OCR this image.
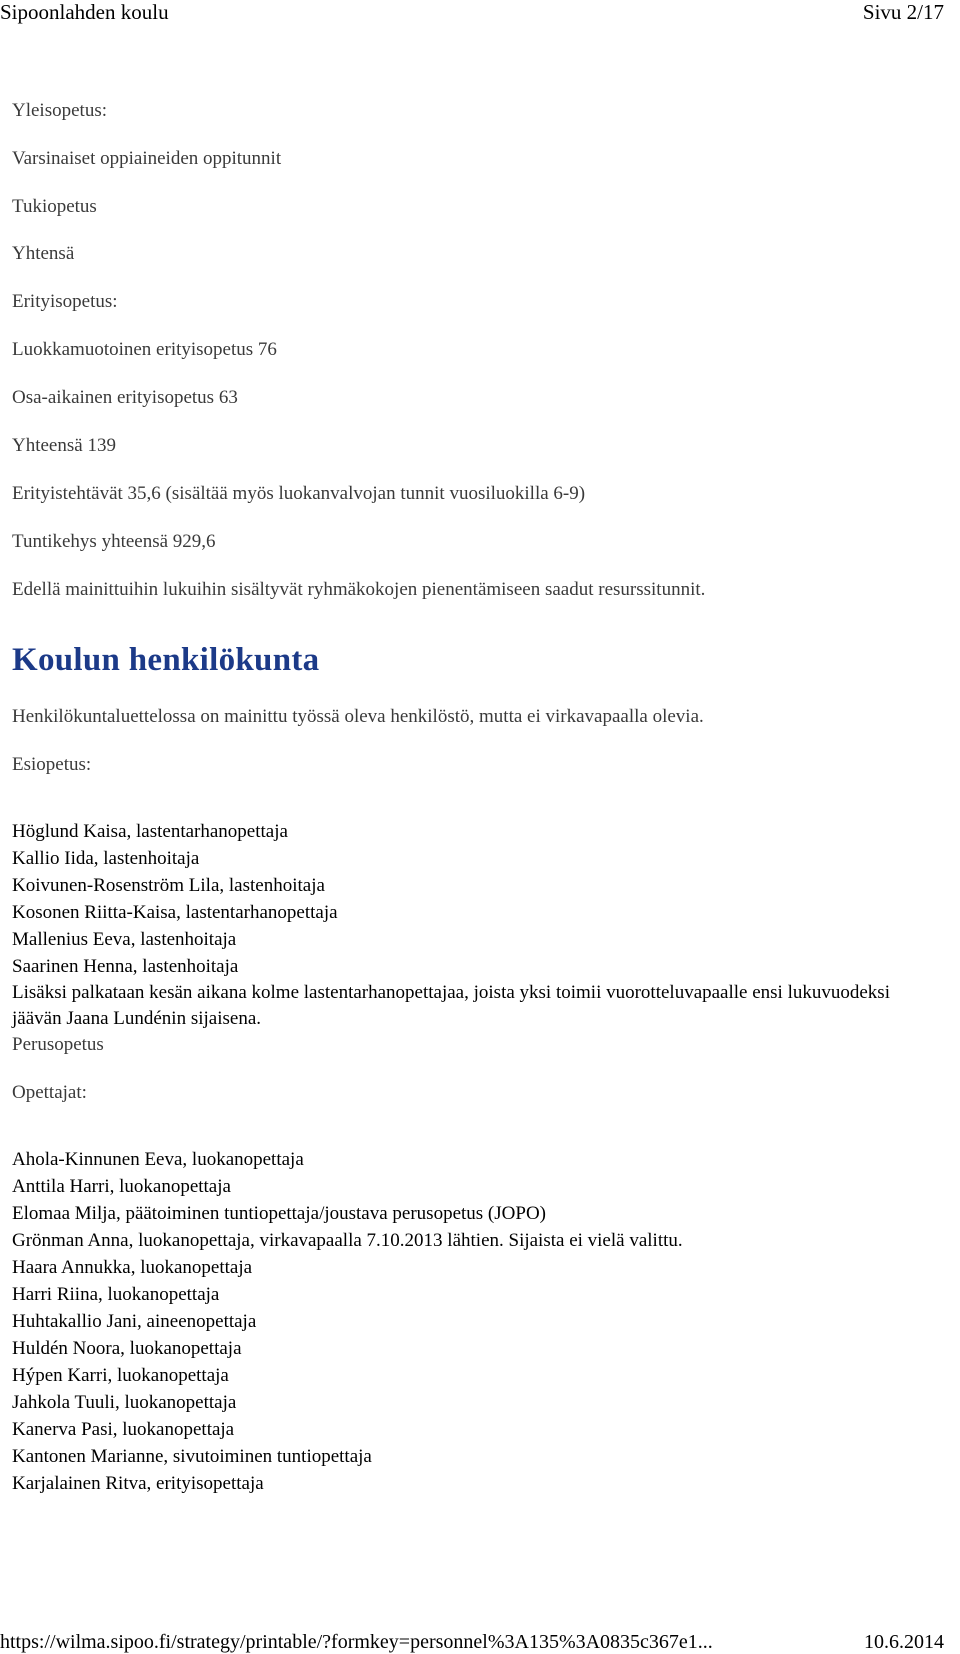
Sipoonlahden koulu	Sivu 2/17
Yleisopetus:
Varsinaiset oppiaineiden oppitunnit
Tukiopetus
Yhtensä
Erityisopetus:
Luokkamuotoinen erityisopetus 76
Osa-aikainen erityisopetus 63
Yhteensä 139
Erityistehtävät 35,6 (sisältää myös luokanvalvojan tunnit vuosiluokilla 6-9)
Tuntikehys yhteensä 929,6
Edellä mainittuihin lukuihin sisältyvät ryhmäkokojen pienentämiseen saadut resurssitunnit.
Koulun henkilökunta
Henkilökuntaluettelossa on mainittu työssä oleva henkilöstö, mutta ei virkavapaalla olevia.
Esiopetus:
Höglund Kaisa, lastentarhanopettaja
Kallio Iida, lastenhoitaja
Koivunen-Rosenström Lila, lastenhoitaja
Kosonen Riitta-Kaisa, lastentarhanopettaja
Mallenius Eeva, lastenhoitaja
Saarinen Henna, lastenhoitaja
Lisäksi palkataan kesän aikana kolme lastentarhanopettajaa, joista yksi toimii vuorotteluvapaalle ensi lukuvuodeksi jäävän Jaana Lundénin sijaisena.
Perusopetus
Opettajat:
Ahola-Kinnunen Eeva, luokanopettaja
Anttila Harri, luokanopettaja
Elomaa Milja, päätoiminen tuntiopettaja/joustava perusopetus (JOPO)
Grönman Anna, luokanopettaja, virkavapaalla 7.10.2013 lähtien. Sijaista ei vielä valittu.
Haara Annukka, luokanopettaja
Harri Riina, luokanopettaja
Huhtakallio Jani, aineenopettaja
Huldén Noora, luokanopettaja
Hýpen Karri, luokanopettaja
Jahkola Tuuli, luokanopettaja
Kanerva Pasi, luokanopettaja
Kantonen Marianne, sivutoiminen tuntiopettaja
Karjalainen Ritva, erityisopettaja
https://wilma.sipoo.fi/strategy/printable/?formkey=personnel%3A135%3A0835c367e1...	10.6.2014
